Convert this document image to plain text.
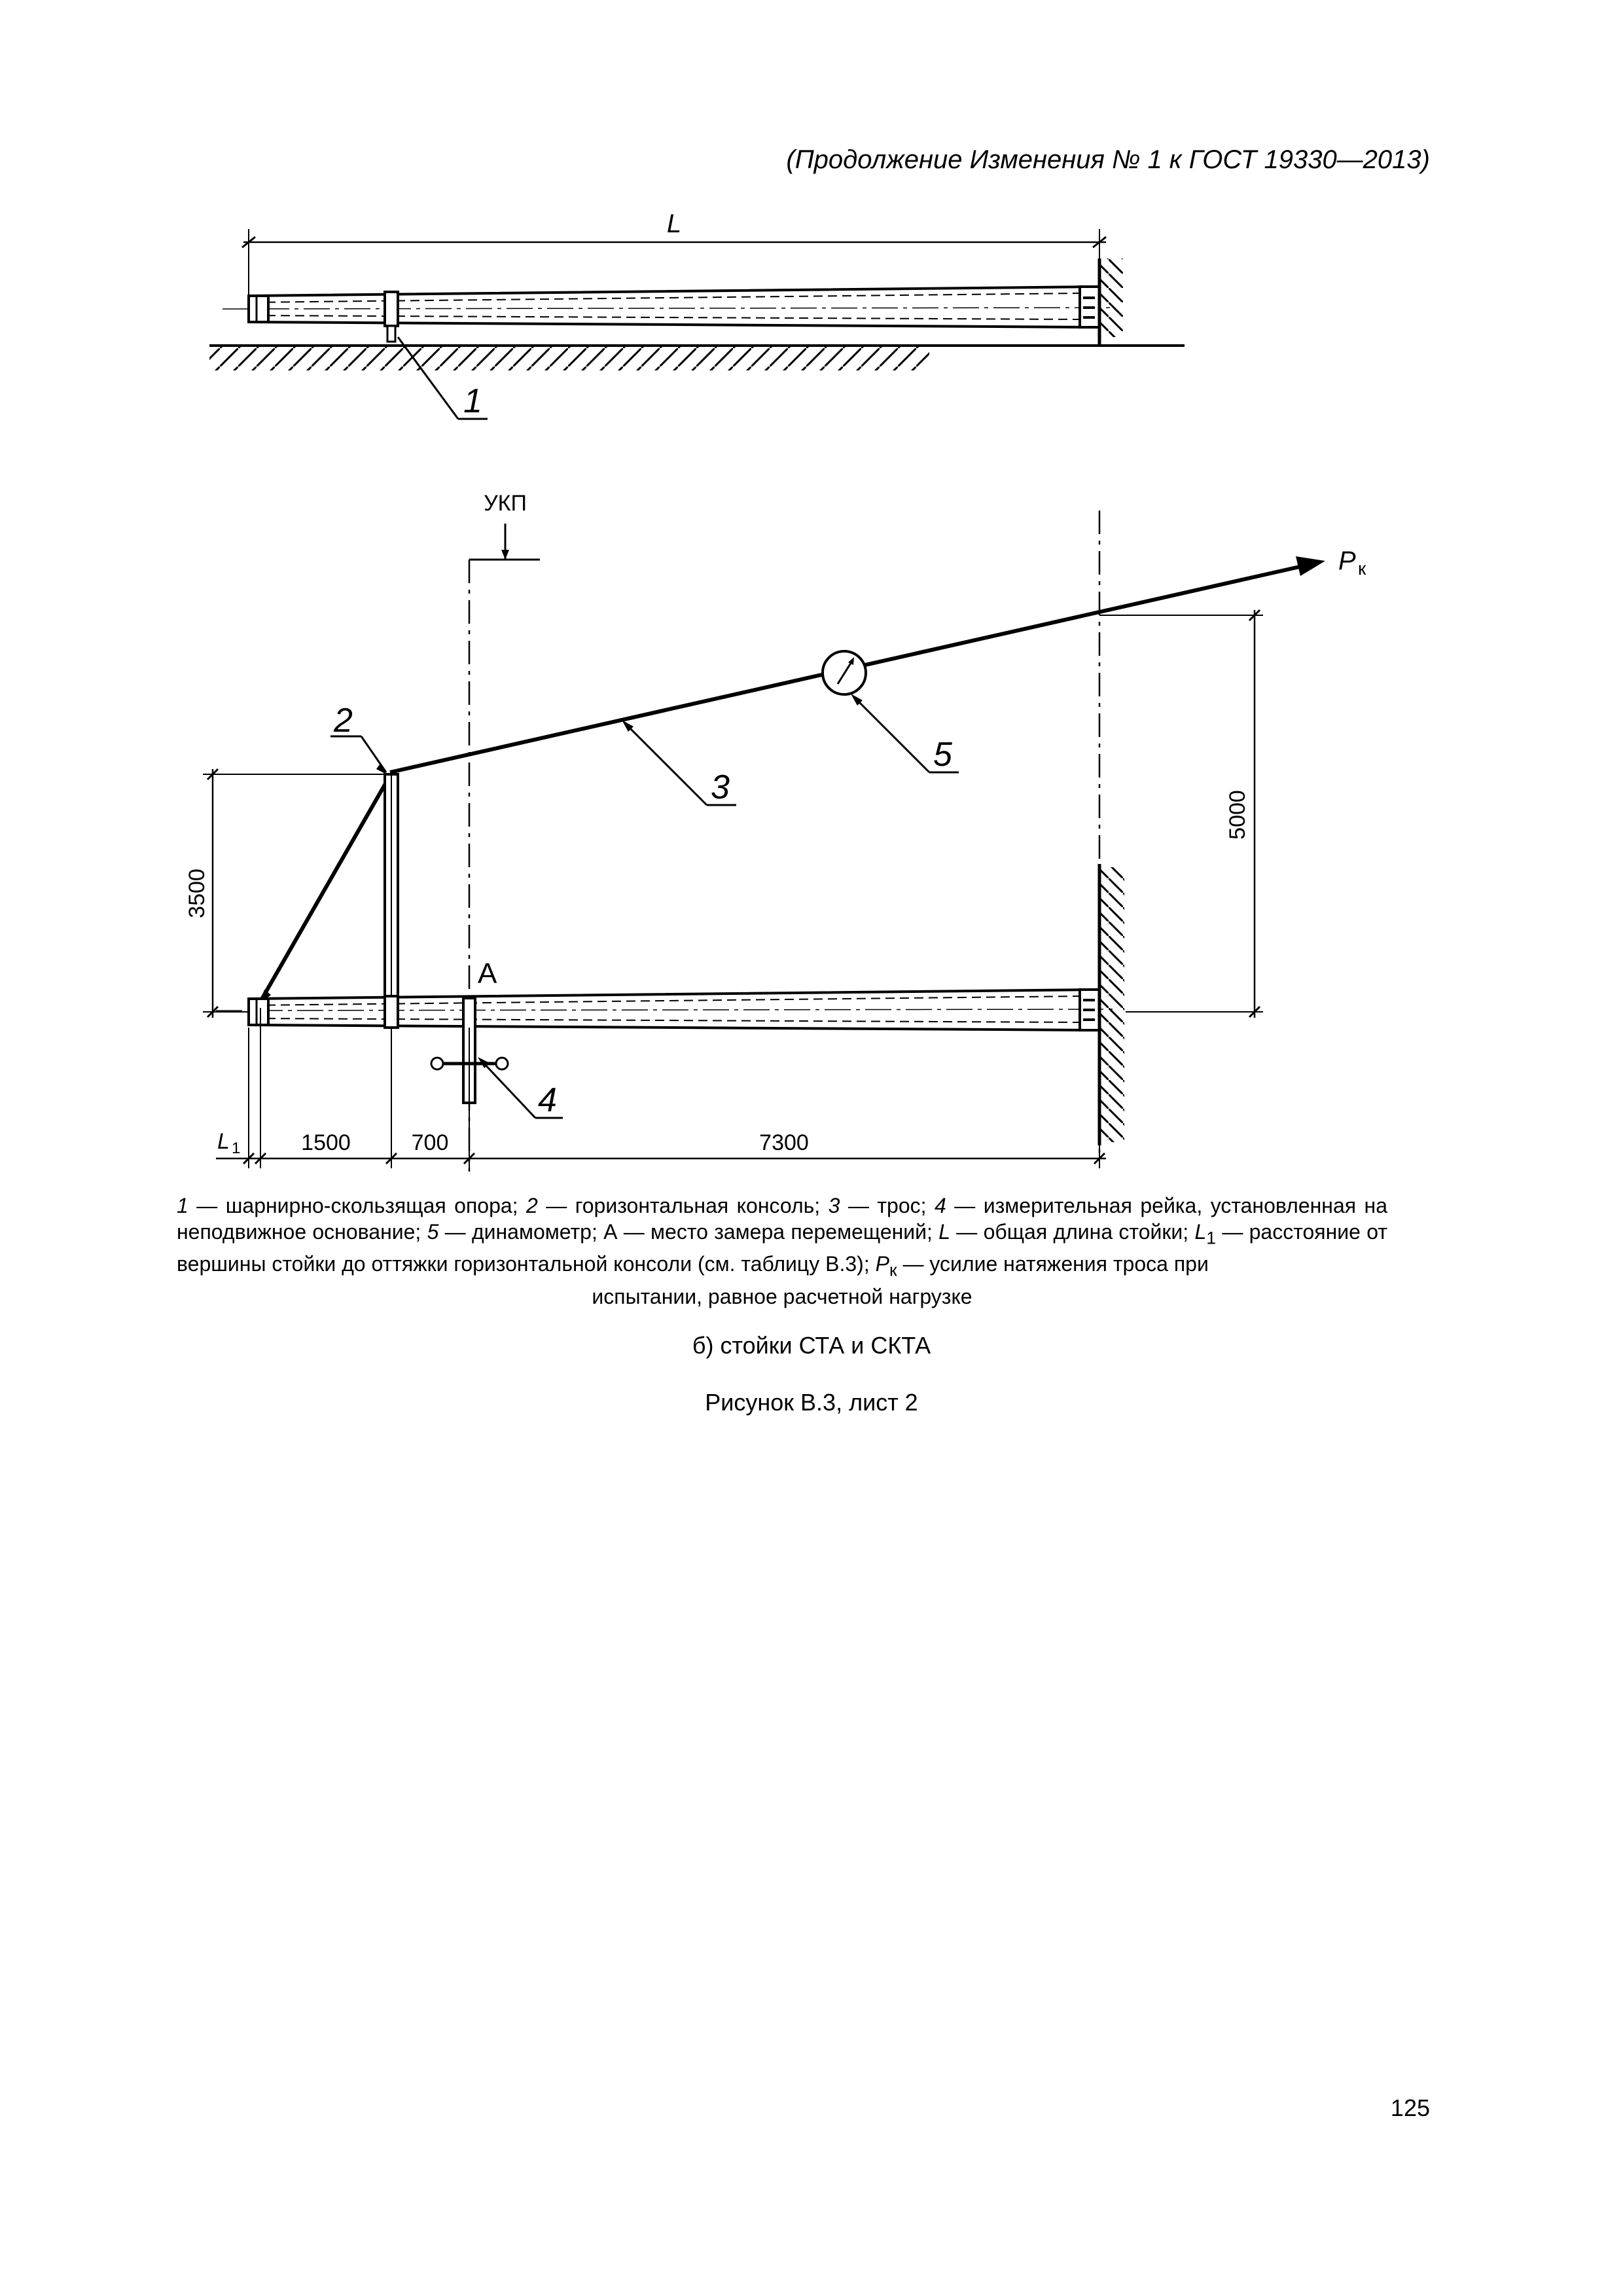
(Продолжение Изменения № 1 к ГОСТ 19330—2013)
L
1
УКП
P к
2
3
5
4
А
3500
5000
L 1	1500	700	7300
1 — шарнирно-скользящая опора; 2 — горизонтальная консоль; 3 — трос; 4 — измерительная рейка, установленная на неподвижное основание; 5 — динамометр; А — место замера перемещений; L — общая длина стойки; $L_1$ — расстояние от вершины стойки до оттяжки горизонтальной консоли (см. таблицу В.3); $P_к$ — усилие натяжения троса при
испытании, равное расчетной нагрузке
б) стойки СТА и СКТА
Рисунок В.3, лист 2
125
